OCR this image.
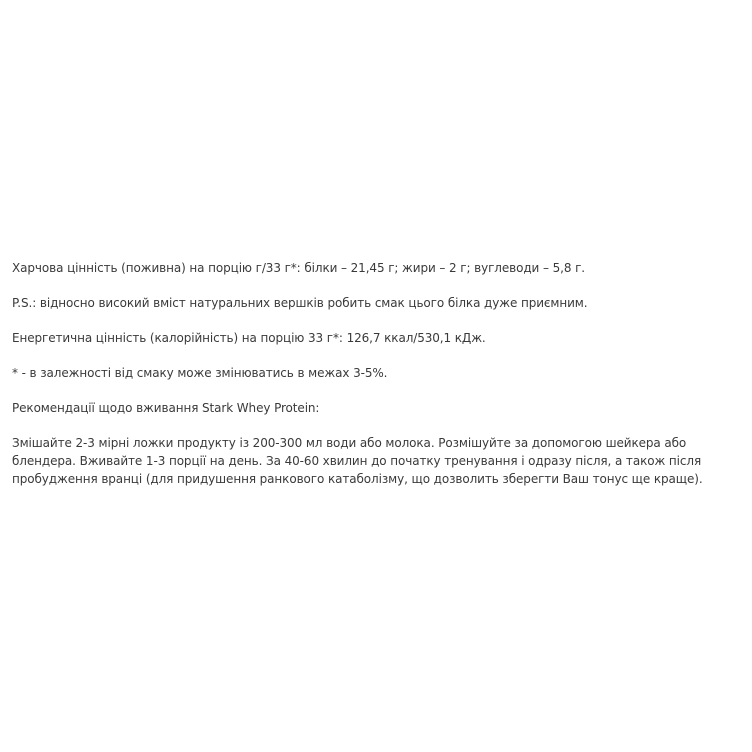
Харчова цінність (поживна) на порцію г/33 г*: білки – 21,45 г; жири – 2 г; вуглеводи – 5,8 г.

P.S.: відносно високий вміст натуральних вершків робить смак цього білка дуже приємним.

Енергетична цінність (калорійність) на порцію 33 г*: 126,7 ккал/530,1 кДж.

* - в залежності від смаку може змінюватись в межах 3-5%.

Рекомендації щодо вживання Stark Whey Protein:

Змішайте 2-3 мірні ложки продукту із 200-300 мл води або молока. Розмішуйте за допомогою шейкера або блендера. Вживайте 1-3 порції на день. За 40-60 хвилин до початку тренування і одразу після, а також після пробудження вранці (для придушення ранкового катаболізму, що дозволить зберегти Ваш тонус ще краще).
